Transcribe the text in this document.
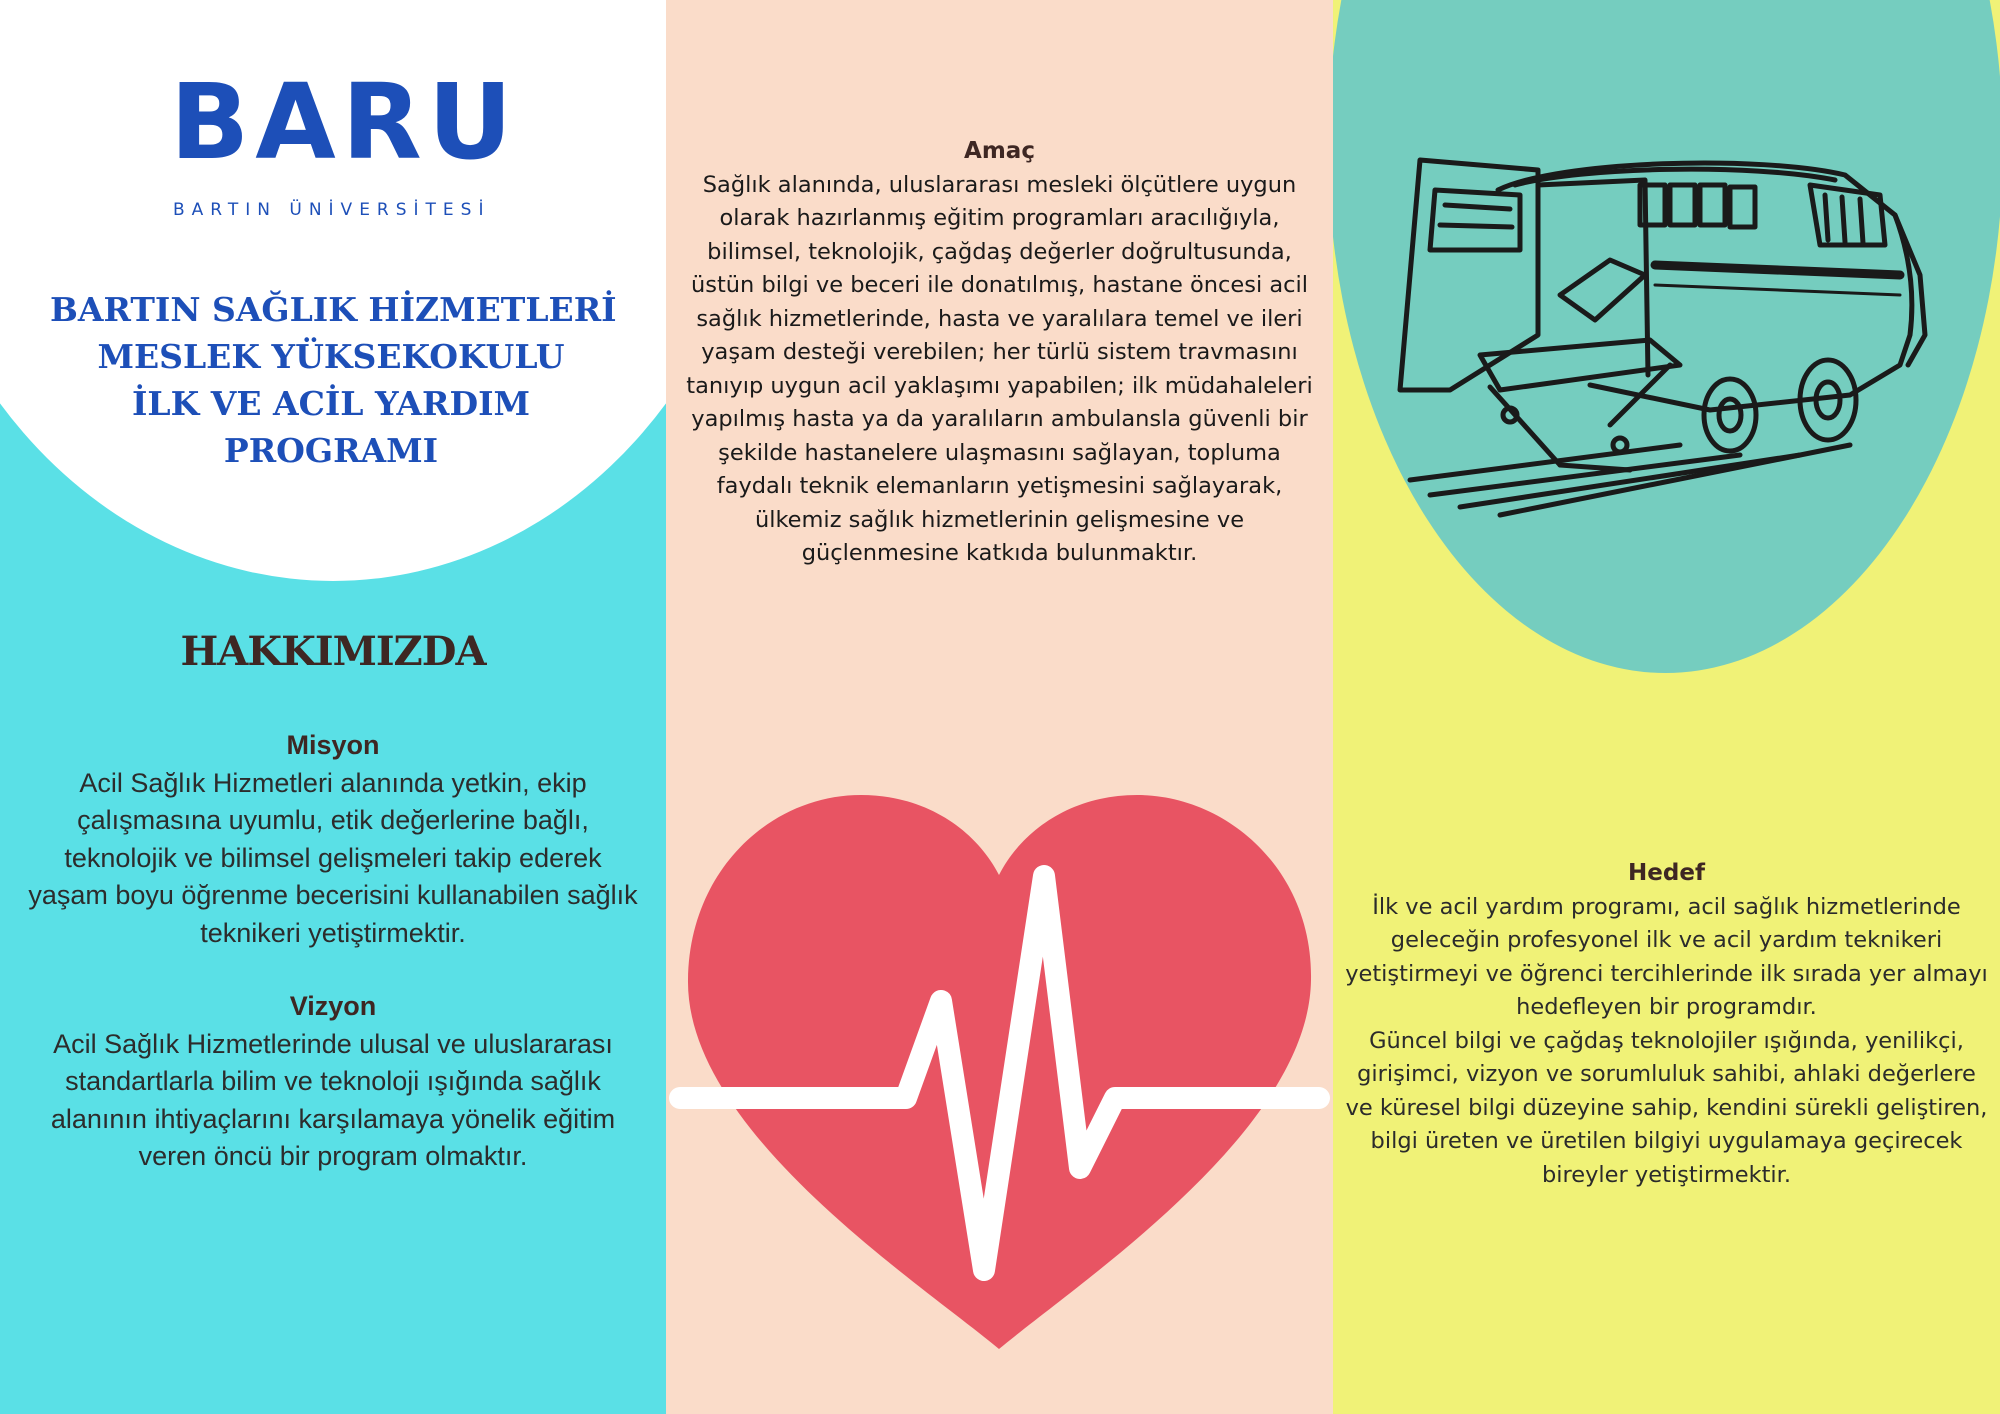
BARU
BARTIN ÜNİVERSİTESİ
BARTIN SAĞLIK HİZMETLERİ
MESLEK YÜKSEKOKULU
İLK VE ACİL YARDIM
PROGRAMI
HAKKIMIZDA
Misyon
Acil Sağlık Hizmetleri alanında yetkin, ekip çalışmasına uyumlu, etik değerlerine bağlı, teknolojik ve bilimsel gelişmeleri takip ederek yaşam boyu öğrenme becerisini kullanabilen sağlık teknikeri yetiştirmektir.
Vizyon
Acil Sağlık Hizmetlerinde ulusal ve uluslararası standartlarla bilim ve teknoloji ışığında sağlık alanının ihtiyaçlarını karşılamaya yönelik eğitim veren öncü bir program olmaktır.
Amaç
Sağlık alanında, uluslararası mesleki ölçütlere uygun olarak hazırlanmış eğitim programları aracılığıyla, bilimsel, teknolojik, çağdaş değerler doğrultusunda, üstün bilgi ve beceri ile donatılmış, hastane öncesi acil sağlık hizmetlerinde, hasta ve yaralılara temel ve ileri yaşam desteği verebilen; her türlü sistem travmasını tanıyıp uygun acil yaklaşımı yapabilen; ilk müdahaleleri yapılmış hasta ya da yaralıların ambulansla güvenli bir şekilde hastanelere ulaşmasını sağlayan, topluma faydalı teknik elemanların yetişmesini sağlayarak, ülkemiz sağlık hizmetlerinin gelişmesine ve güçlenmesine katkıda bulunmaktır.
Hedef
İlk ve acil yardım programı, acil sağlık hizmetlerinde geleceğin profesyonel ilk ve acil yardım teknikeri yetiştirmeyi ve öğrenci tercihlerinde ilk sırada yer almayı hedefleyen bir programdır.
Güncel bilgi ve çağdaş teknolojiler ışığında, yenilikçi, girişimci, vizyon ve sorumluluk sahibi, ahlaki değerlere ve küresel bilgi düzeyine sahip, kendini sürekli geliştiren, bilgi üreten ve üretilen bilgiyi uygulamaya geçirecek bireyler yetiştirmektir.
